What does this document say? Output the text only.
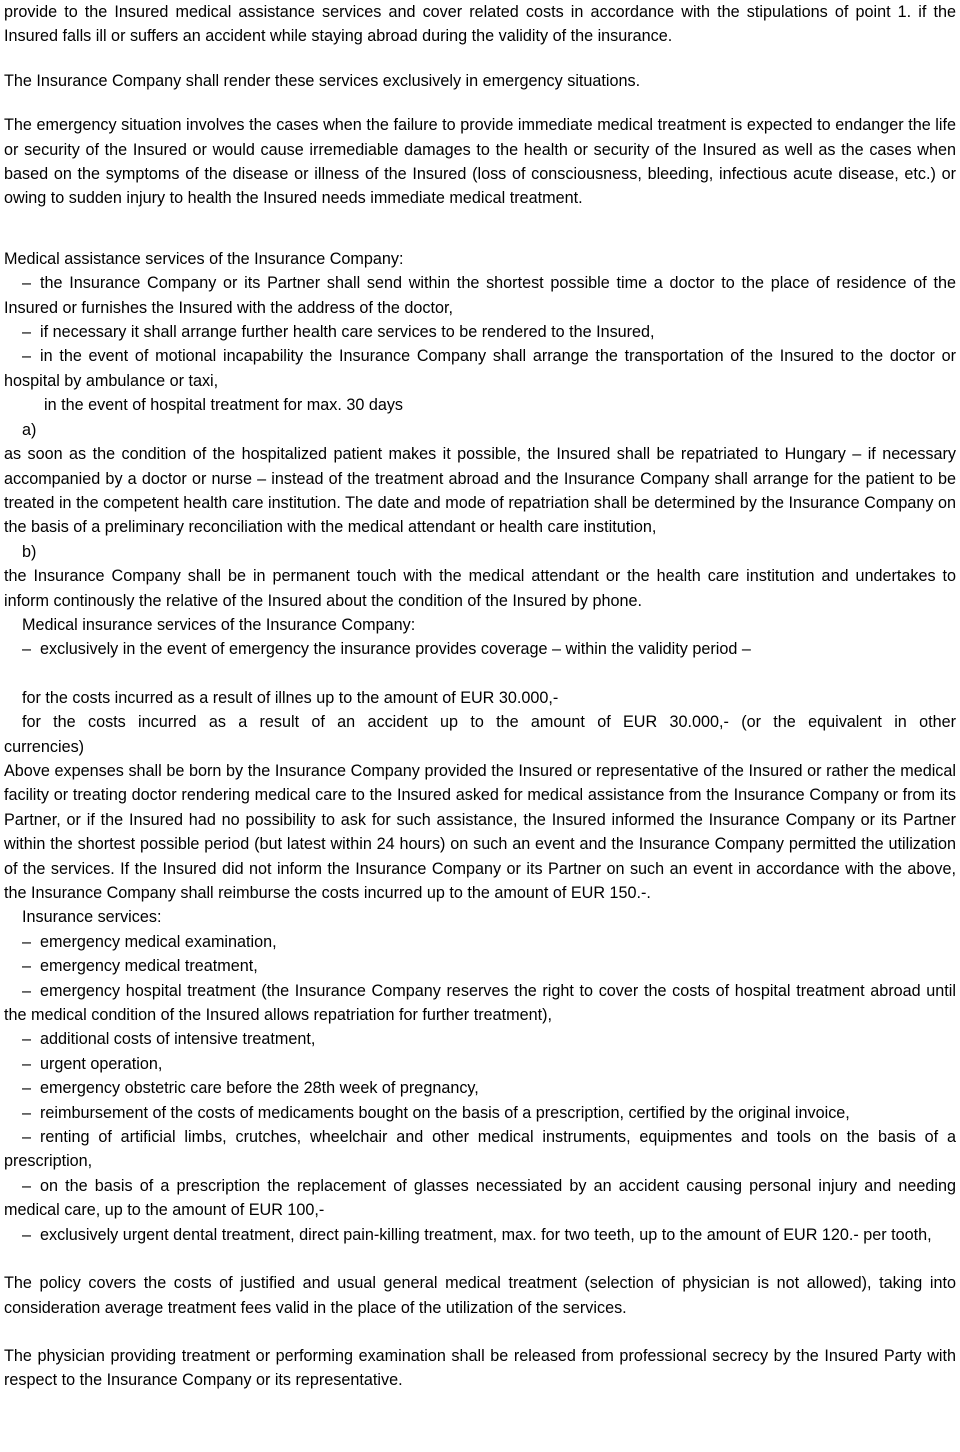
provide to the Insured medical assistance services and cover related costs in accordance with the stipulations of point 1. if the Insured falls ill or suffers an accident while staying abroad during the validity of the insurance.

The Insurance Company shall render these services exclusively in emergency situations.

The emergency situation involves the cases when the failure to provide immediate medical treatment is expected to endanger the life or security of the Insured or would cause irremediable damages to the health or security of the Insured as well as the cases when based on the symptoms of the disease or illness of the Insured (loss of consciousness, bleeding, infectious acute disease, etc.) or owing to sudden injury to health the Insured needs immediate medical treatment.

Medical assistance services of the Insurance Company:

– the Insurance Company or its Partner shall send within the shortest possible time a doctor to the place of residence of the Insured or furnishes the Insured with the address of the doctor,

– if necessary it shall arrange further health care services to be rendered to the Insured,

– in the event of motional incapability the Insurance Company shall arrange the transportation of the Insured to the doctor or hospital by ambulance or taxi,

in the event of hospital treatment for max. 30 days

a)

as soon as the condition of the hospitalized patient makes it possible, the Insured shall be repatriated to Hungary – if necessary accompanied by a doctor or nurse – instead of the treatment abroad and the Insurance Company shall arrange for the patient to be treated in the competent health care institution. The date and mode of repatriation shall be determined by the Insurance Company on the basis of a preliminary reconciliation with the medical attendant or health care institution,

b)

the Insurance Company shall be in permanent touch with the medical attendant or the health care institution and undertakes to inform continously the relative of the Insured about the condition of the Insured by phone.

Medical insurance services of the Insurance Company:

– exclusively in the event of emergency the insurance provides coverage – within the validity period –

for the costs incurred as a result of illnes up to the amount of EUR 30.000,-

for the costs incurred as a result of an accident up to the amount of EUR 30.000,- (or the equivalent in other

currencies)

Above expenses shall be born by the Insurance Company provided the Insured or representative of the Insured or rather the medical facility or treating doctor rendering medical care to the Insured asked for medical assistance from the Insurance Company or from its Partner, or if the Insured had no possibility to ask for such assistance, the Insured informed the Insurance Company or its Partner within the shortest possible period (but latest within 24 hours) on such an event and the Insurance Company permitted the utilization of the services. If the Insured did not inform the Insurance Company or its Partner on such an event in accordance with the above, the Insurance Company shall reimburse the costs incurred up to the amount of EUR 150.-.

Insurance services:

– emergency medical examination,

– emergency medical treatment,

– emergency hospital treatment (the Insurance Company reserves the right to cover the costs of hospital treatment abroad until the medical condition of the Insured allows repatriation for further treatment),

– additional costs of intensive treatment,

– urgent operation,

– emergency obstetric care before the 28th week of pregnancy,

– reimbursement of the costs of medicaments bought on the basis of a prescription, certified by the original invoice,

– renting of artificial limbs, crutches, wheelchair and other medical instruments, equipmentes and tools on the basis of a prescription,

– on the basis of a prescription the replacement of glasses necessiated by an accident causing personal injury and needing medical care, up to the amount of EUR 100,-

– exclusively urgent dental treatment, direct pain-killing treatment, max. for two teeth, up to the amount of EUR 120.- per tooth,

The policy covers the costs of justified and usual general medical treatment (selection of physician is not allowed), taking into consideration average treatment fees valid in the place of the utilization of the services.

The physician providing treatment or performing examination shall be released from professional secrecy by the Insured Party with respect to the Insurance Company or its representative.
